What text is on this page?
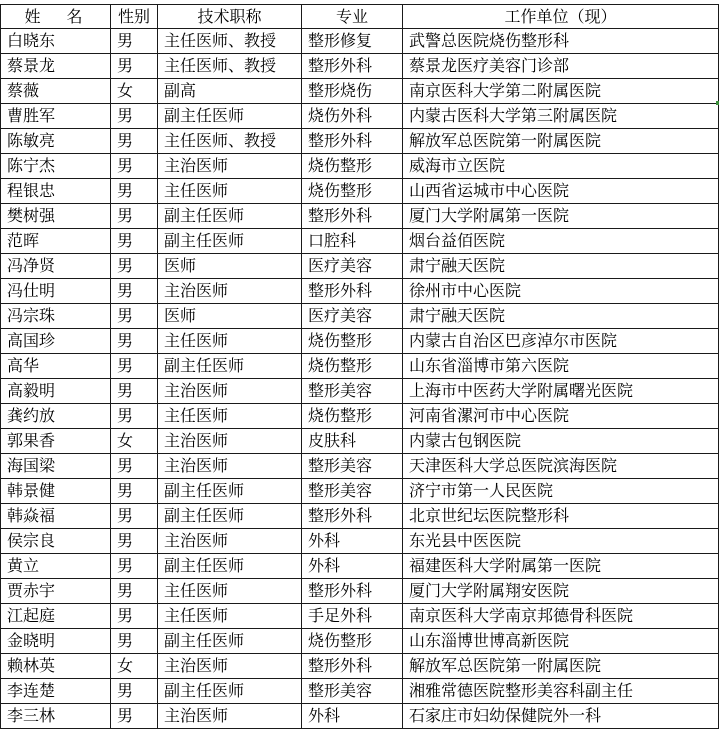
姓名	性别	技术职称	专业	工作单位（现）
白晓东	男	主任医师、教授	整形修复	武警总医院烧伤整形科
蔡景龙	男	主任医师、教授	整形外科	蔡景龙医疗美容门诊部
蔡薇	女	副高	整形烧伤	南京医科大学第二附属医院
曹胜军	男	副主任医师	烧伤外科	内蒙古医科大学第三附属医院
陈敏亮	男	主任医师、教授	整形外科	解放军总医院第一附属医院
陈宁杰	男	主治医师	烧伤整形	威海市立医院
程银忠	男	主任医师	烧伤整形	山西省运城市中心医院
樊树强	男	副主任医师	整形外科	厦门大学附属第一医院
范晖	男	副主任医师	口腔科	烟台益佰医院
冯净贤	男	医师	医疗美容	肃宁融天医院
冯仕明	男	主治医师	整形外科	徐州市中心医院
冯宗珠	男	医师	医疗美容	肃宁融天医院
高国珍	男	主任医师	烧伤整形	内蒙古自治区巴彦淖尔市医院
高华	男	副主任医师	烧伤整形	山东省淄博市第六医院
高毅明	男	主治医师	整形美容	上海市中医药大学附属曙光医院
龚约放	男	主任医师	烧伤整形	河南省漯河市中心医院
郭果香	女	主治医师	皮肤科	内蒙古包钢医院
海国梁	男	主治医师	整形美容	天津医科大学总医院滨海医院
韩景健	男	副主任医师	整形美容	济宁市第一人民医院
韩焱福	男	副主任医师	整形外科	北京世纪坛医院整形科
侯宗良	男	主治医师	外科	东光县中医医院
黄立	男	副主任医师	外科	福建医科大学附属第一医院
贾赤宇	男	主任医师	整形外科	厦门大学附属翔安医院
江起庭	男	主任医师	手足外科	南京医科大学南京邦德骨科医院
金晓明	男	副主任医师	烧伤整形	山东淄博世博高新医院
赖林英	女	主治医师	整形外科	解放军总医院第一附属医院
李连楚	男	副主任医师	整形美容	湘雅常德医院整形美容科副主任
李三林	男	主治医师	外科	石家庄市妇幼保健院外一科
